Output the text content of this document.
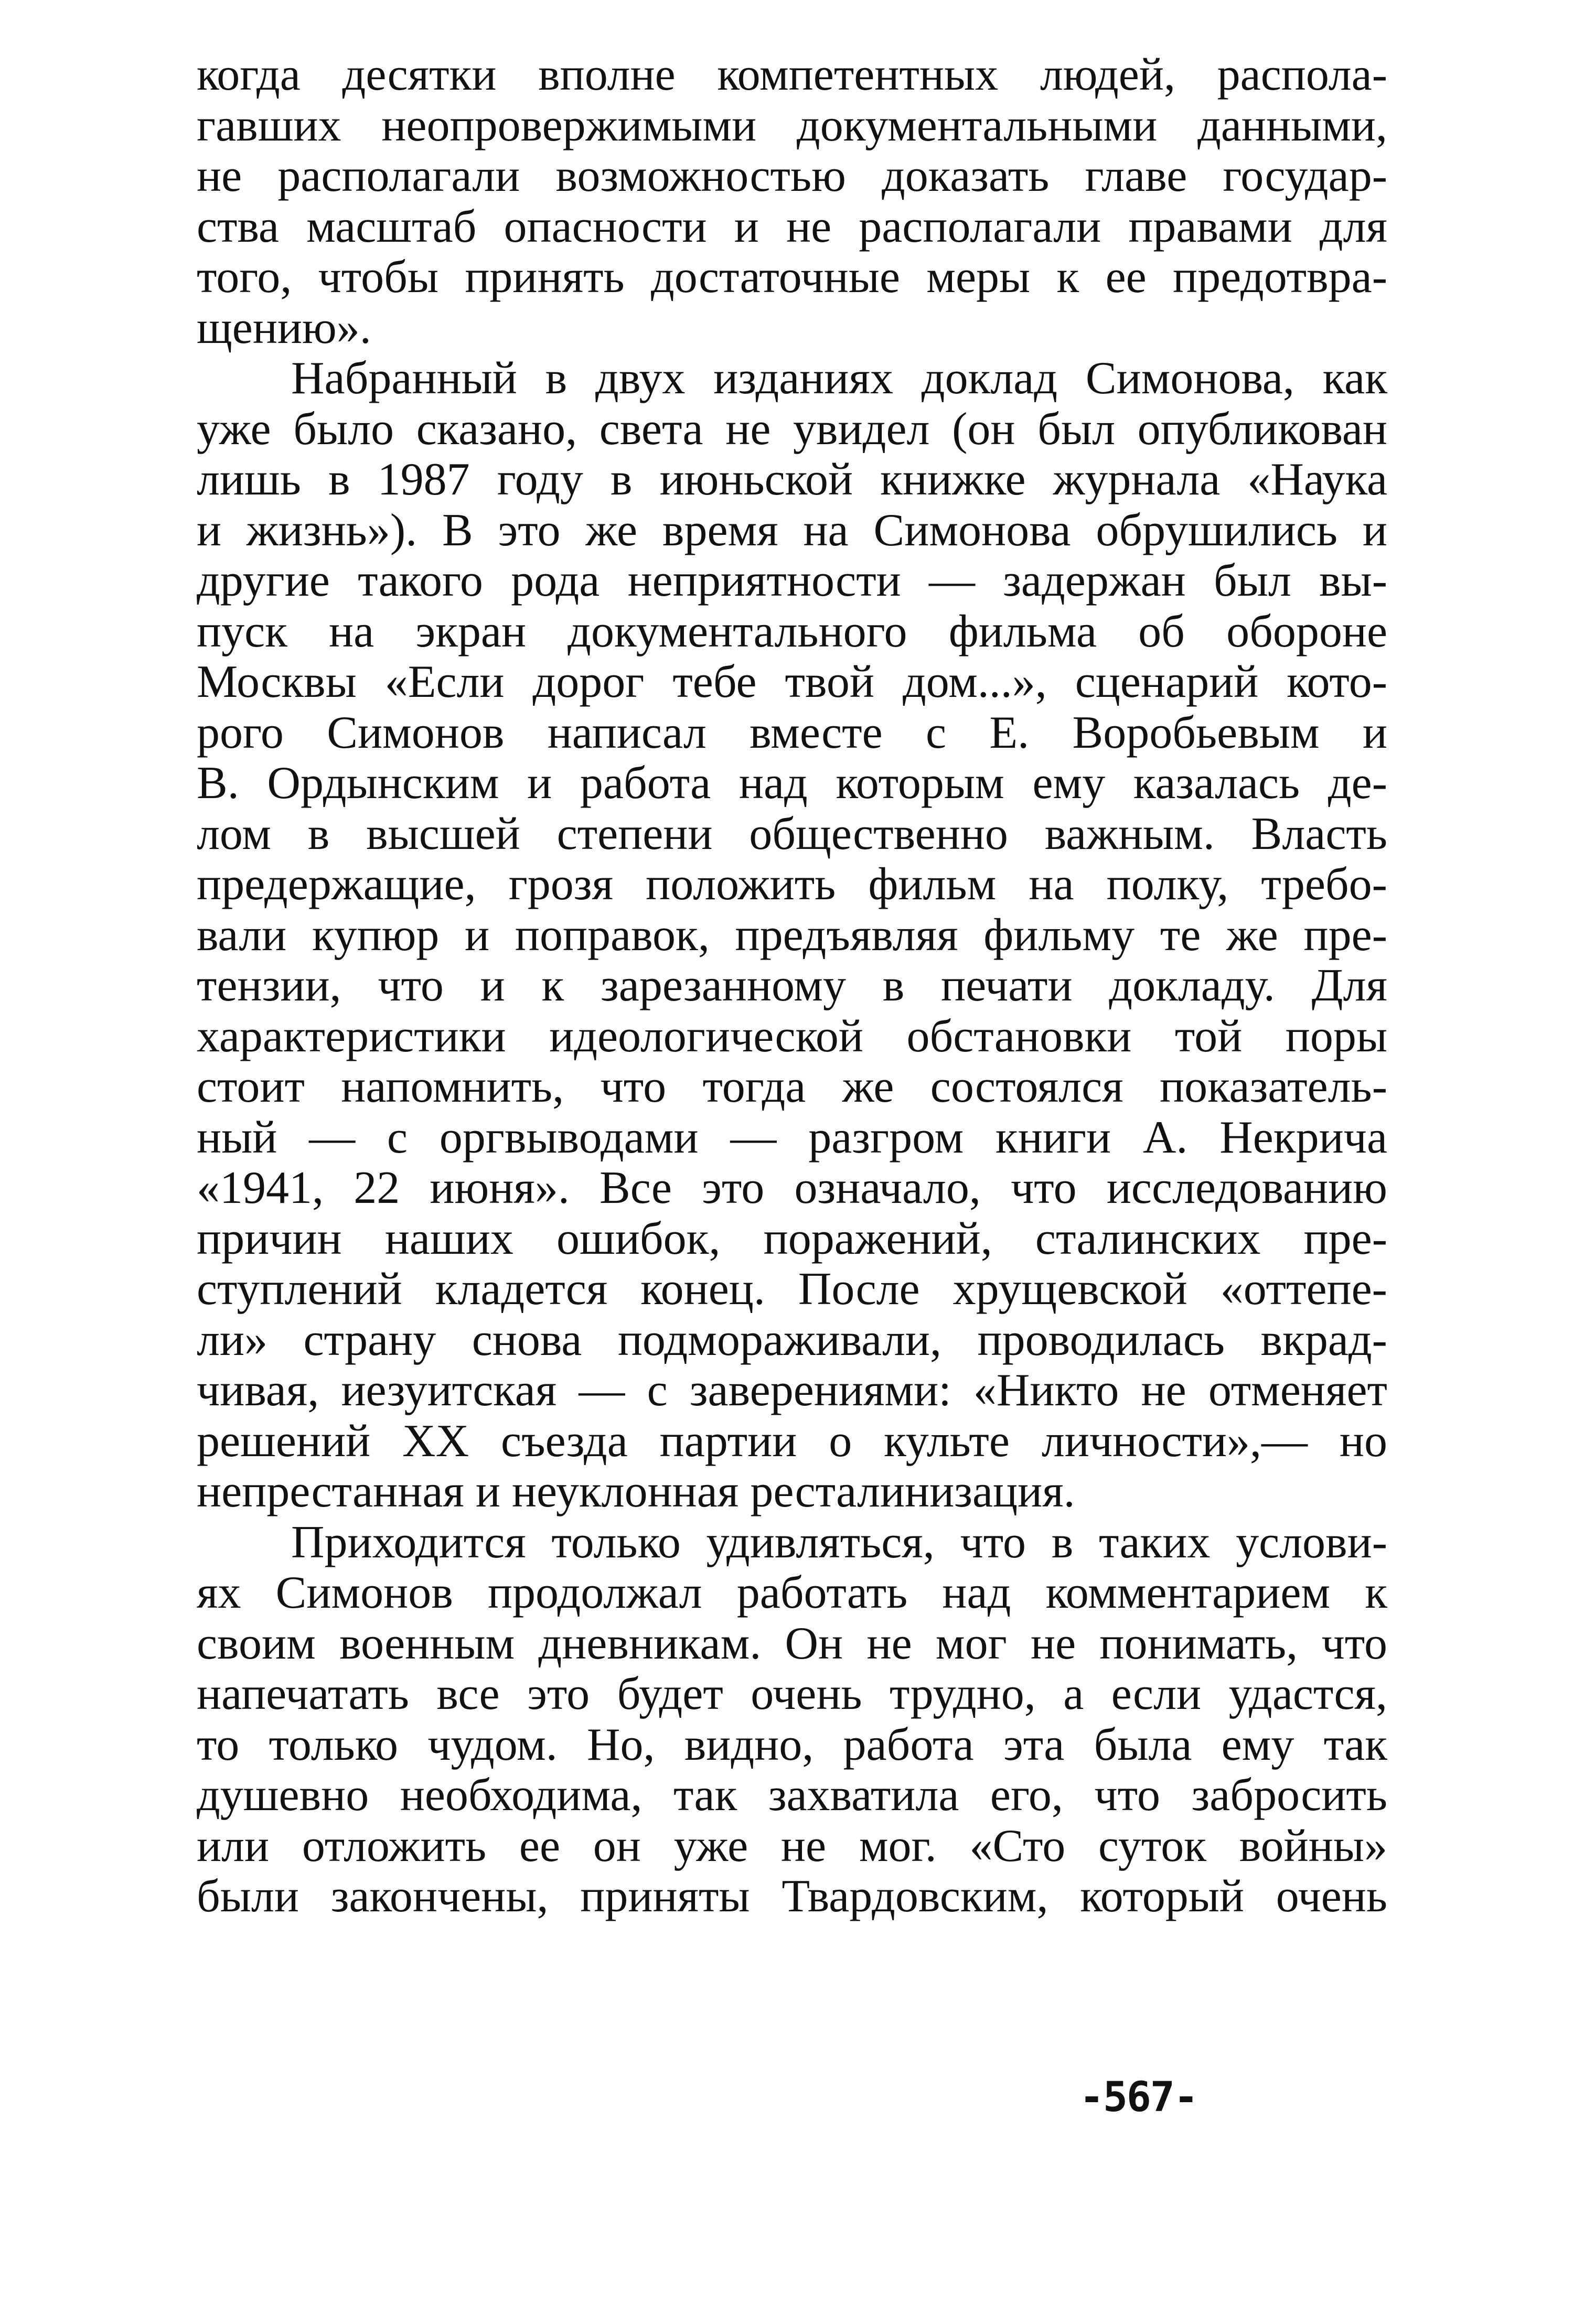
когда десятки вполне компетентных людей, распола-
гавших неопровержимыми документальными данными,
не располагали возможностью доказать главе государ-
ства масштаб опасности и не располагали правами для
того, чтобы принять достаточные меры к ее предотвра-
щению».
Набранный в двух изданиях доклад Симонова, как
уже было сказано, света не увидел (он был опубликован
лишь в 1987 году в июньской книжке журнала «Наука
и жизнь»). В это же время на Симонова обрушились и
другие такого рода неприятности — задержан был вы-
пуск на экран документального фильма об обороне
Москвы «Если дорог тебе твой дом...», сценарий кото-
рого Симонов написал вместе с Е. Воробьевым и
В. Ордынским и работа над которым ему казалась де-
лом в высшей степени общественно важным. Власть
предержащие, грозя положить фильм на полку, требо-
вали купюр и поправок, предъявляя фильму те же пре-
тензии, что и к зарезанному в печати докладу. Для
характеристики идеологической обстановки той поры
стоит напомнить, что тогда же состоялся показатель-
ный — с оргвыводами — разгром книги А. Некрича
«1941, 22 июня». Все это означало, что исследованию
причин наших ошибок, поражений, сталинских пре-
ступлений кладется конец. После хрущевской «оттепе-
ли» страну снова подмораживали, проводилась вкрад-
чивая, иезуитская — с заверениями: «Никто не отменяет
решений XX съезда партии о культе личности»,— но
непрестанная и неуклонная ресталинизация.
Приходится только удивляться, что в таких услови-
ях Симонов продолжал работать над комментарием к
своим военным дневникам. Он не мог не понимать, что
напечатать все это будет очень трудно, а если удастся,
то только чудом. Но, видно, работа эта была ему так
душевно необходима, так захватила его, что забросить
или отложить ее он уже не мог. «Сто суток войны»
были закончены, приняты Твардовским, который очень
-567-
